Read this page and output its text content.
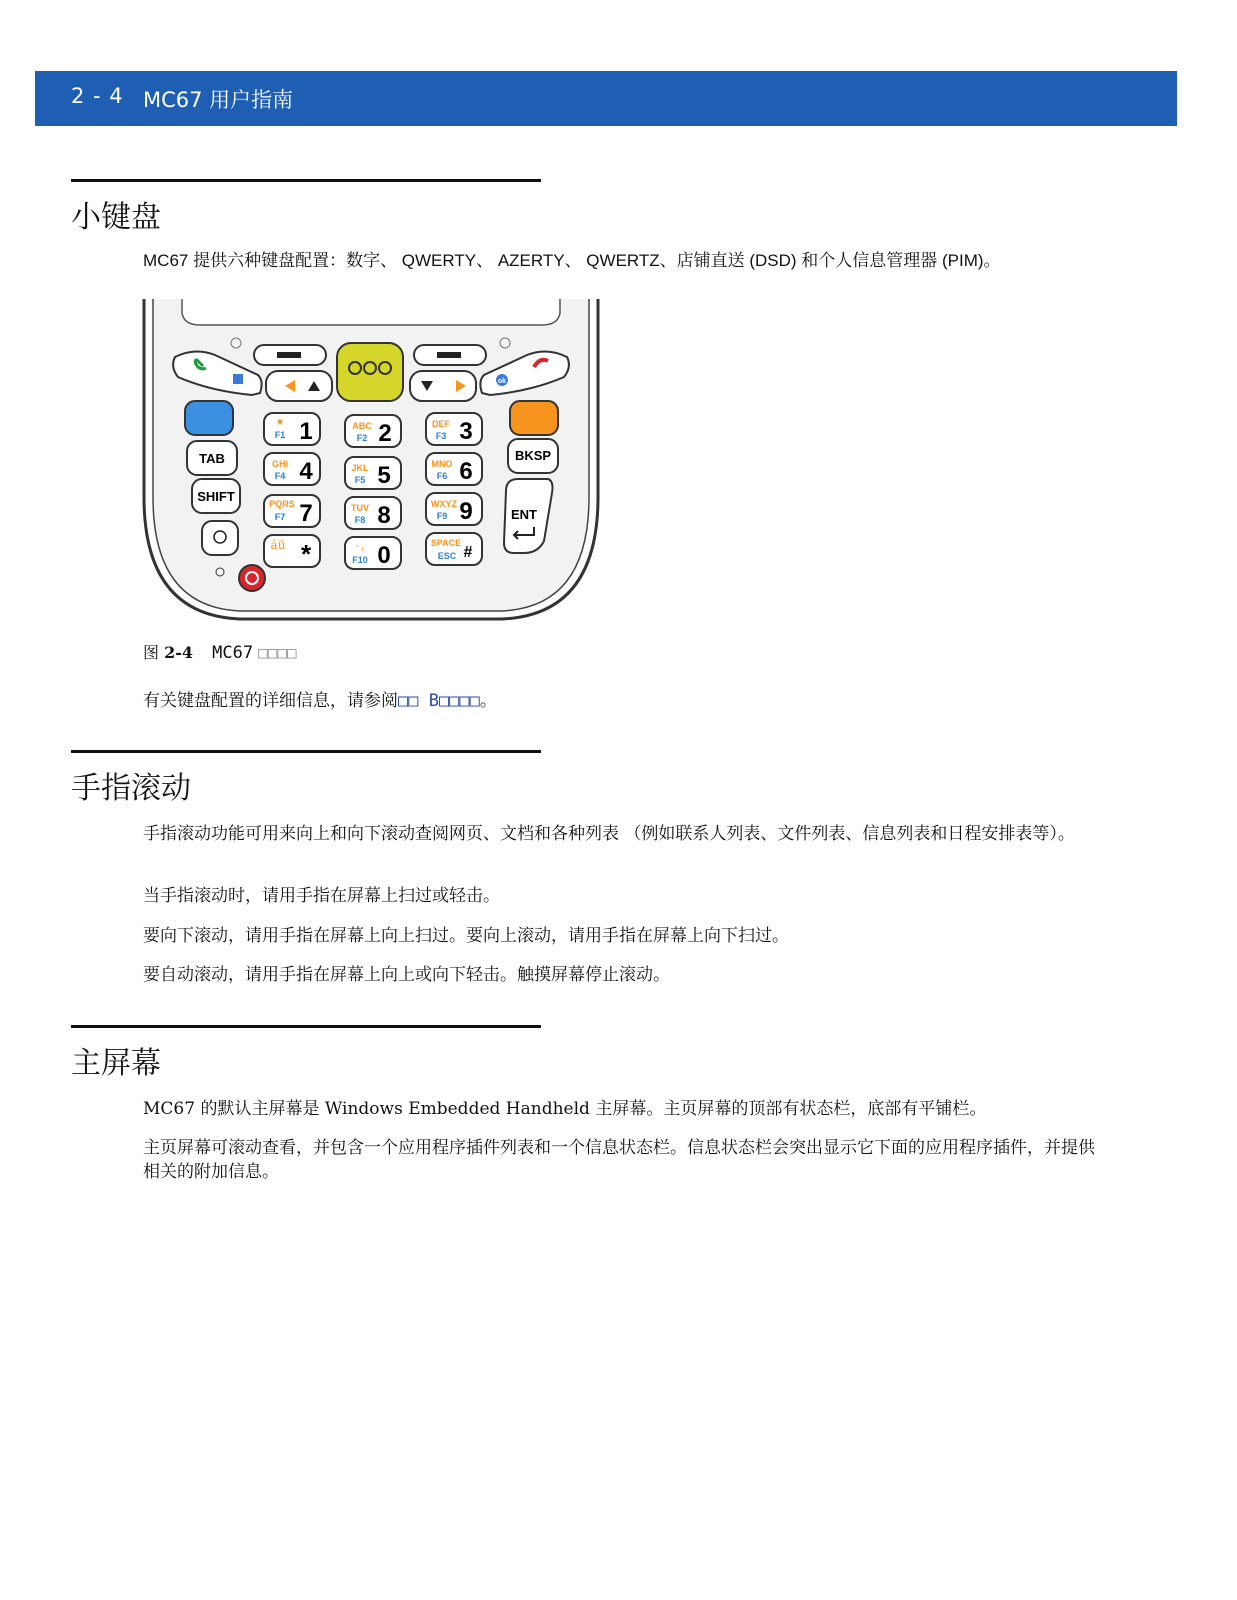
2 - 4 MC67 用户指南
小键盘

MC67 提供六种键盘配置：数字、 QWERTY、 AZERTY、 QWERTZ、店铺直送 (DSD) 和个人信息管理器 (PIM)。

ok
TAB
SHIFT
BKSP
ENT
★
F1 1	ABC
F2 2	DEF
F3 3
GHI
F4 4	JKL
F5 5	MNO
F6 6
PQRS
F7 7	TUV
F8 8	WXYZ
F9 9
áü *	· ,
F10 0	SPACE
ESC #
图 2-4 MC67 □□□□

有关键盘配置的详细信息，请参阅□□ B□□□□。

手指滚动

手指滚动功能可用来向上和向下滚动查阅网页、文档和各种列表 （例如联系人列表、文件列表、信息列表和日程安排表等）。

当手指滚动时，请用手指在屏幕上扫过或轻击。

要向下滚动，请用手指在屏幕上向上扫过。要向上滚动，请用手指在屏幕上向下扫过。

要自动滚动，请用手指在屏幕上向上或向下轻击。触摸屏幕停止滚动。

主屏幕

MC67 的默认主屏幕是 Windows Embedded Handheld 主屏幕。主页屏幕的顶部有状态栏，底部有平铺栏。

主页屏幕可滚动查看，并包含一个应用程序插件列表和一个信息状态栏。信息状态栏会突出显示它下面的应用程序插件，并提供相关的附加信息。
